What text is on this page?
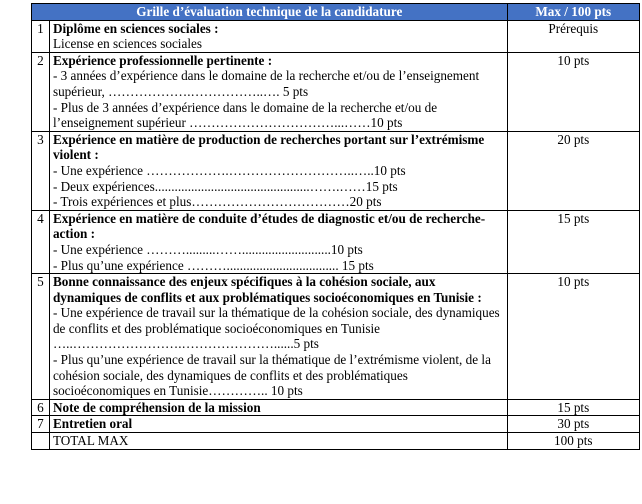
Grille d’évaluation technique de la candidature		Max / 100 pts
1	Diplôme en sciences sociales :
License en sciences sociales	Prérequis
2	Expérience professionnelle pertinente :
- 3 années d’expérience dans le domaine de la recherche et/ou de l’enseignement supérieur, ……………….……………..…. 5 pts
- Plus de 3 années d’expérience dans le domaine de la recherche et/ou de l’enseignement supérieur ……………………………...……10 pts	10 pts
3	Expérience en matière de production de recherches portant sur l’extrémisme violent :
- Une expérience ……………….………………………..…..10 pts
- Deux expériences...............................................…….……15 pts
- Trois expériences et plus………………………………20 pts	20 pts
4	Expérience en matière de conduite d’études de diagnostic et/ou de recherche-action :
- Une expérience ……….........……...........................10 pts
- Plus qu’une expérience ……….................................. 15 pts	15 pts
5	Bonne connaissance des enjeux spécifiques à la cohésion sociale, aux dynamiques de conflits et aux problématiques socioéconomiques en Tunisie :
- Une expérience de travail sur la thématique de la cohésion sociale, des dynamiques de conflits et des problématique socioéconomiques en Tunisie …..…………………….…………………......5 pts
- Plus qu’une expérience de travail sur la thématique de l’extrémisme violent, de la cohésion sociale, des dynamiques de conflits et des problématiques socioéconomiques en Tunisie………….. 10 pts	10 pts
6	Note de compréhension de la mission	15 pts
7	Entretien oral	30 pts
	TOTAL MAX	100 pts
